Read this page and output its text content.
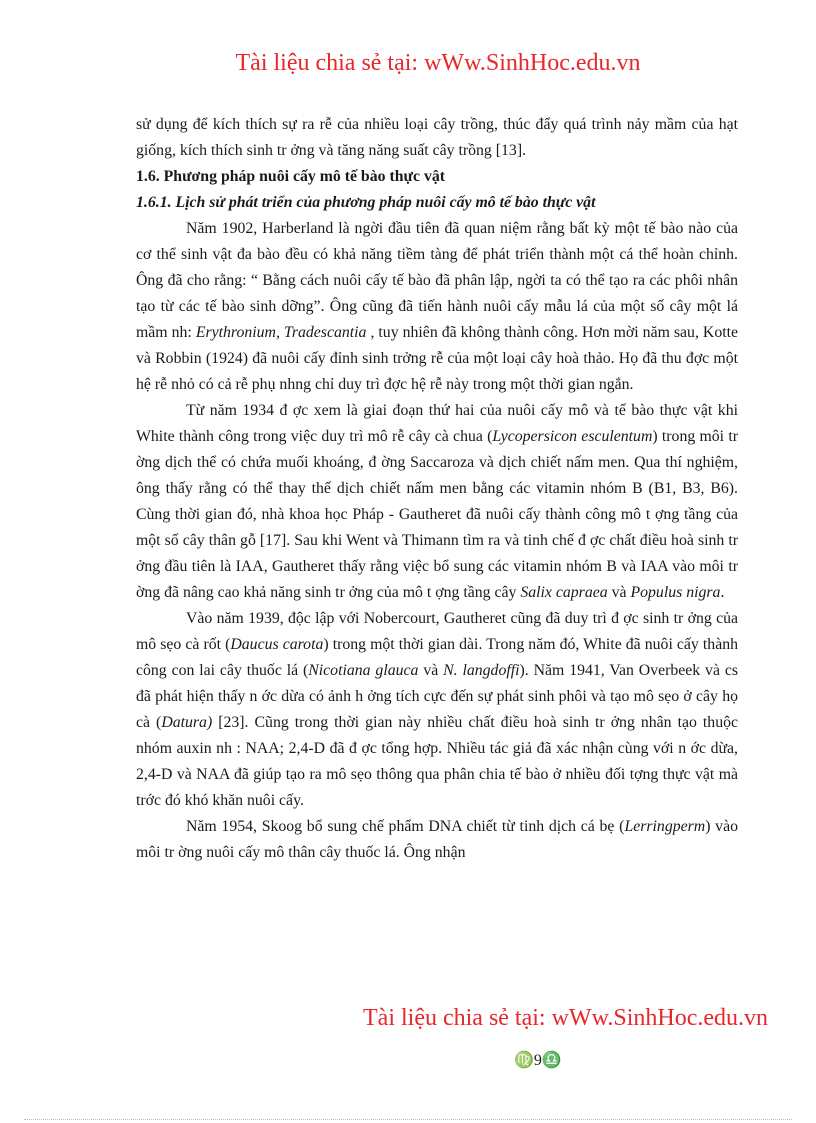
Tài liệu chia sẻ tại: wWw.SinhHoc.edu.vn

sử dụng để kích thích sự ra rễ của nhiều loại cây trồng, thúc đẩy quá trình nảy mầm của hạt giống, kích thích sinh tr ởng và tăng năng suất cây trồng [13].

1.6. Phương pháp nuôi cấy mô tế bào thực vật

1.6.1. Lịch sử phát triển của phương pháp nuôi cấy mô tế bào thực vật

Năm 1902, Harberland là ngời đầu tiên đã quan niệm rằng bất kỳ một tế bào nào của cơ thể sinh vật đa bào đều có khả năng tiềm tàng để phát triển thành một cá thể hoàn chỉnh. Ông đã cho rằng: “ Bằng cách nuôi cấy tế bào đã phân lập, ngời ta có thể tạo ra các phôi nhân tạo từ các tế bào sinh dỡng”. Ông cũng đã tiến hành nuôi cấy mẫu lá của một số cây một lá mầm nh: Erythronium, Tradescantia , tuy nhiên đã không thành công. Hơn mời năm sau, Kotte và Robbin (1924) đã nuôi cấy đỉnh sinh trởng rễ của một loại cây hoà thảo. Họ đã thu đợc một hệ rễ nhỏ có cả rễ phụ nhng chỉ duy trì đợc hệ rễ này trong một thời gian ngắn.

Từ năm 1934 đ ợc xem là giai đoạn thứ hai của nuôi cấy mô và tế bào thực vật khi White thành công trong việc duy trì mô rễ cây cà chua (Lycopersicon esculentum) trong môi tr ờng dịch thể có chứa muối khoáng, đ ờng Saccaroza và dịch chiết nấm men. Qua thí nghiệm, ông thấy rằng có thể thay thế dịch chiết nấm men bằng các vitamin nhóm B (B1, B3, B6). Cùng thời gian đó, nhà khoa học Pháp - Gautheret đã nuôi cấy thành công mô t ợng tầng của một số cây thân gỗ [17]. Sau khi Went và Thimann tìm ra và tinh chế đ ợc chất điều hoà sinh tr ởng đầu tiên là IAA, Gautheret thấy rằng việc bổ sung các vitamin nhóm B và IAA vào môi tr ờng đã nâng cao khả năng sinh tr ởng của mô t ợng tầng cây Salix capraea và Populus nigra.

Vào năm 1939, độc lập với Nobercourt, Gautheret cũng đã duy trì đ ợc sinh tr ởng của mô sẹo cà rốt (Daucus carota) trong một thời gian dài. Trong năm đó, White đã nuôi cấy thành công con lai cây thuốc lá (Nicotiana glauca và N. langdoffi). Năm 1941, Van Overbeek và cs đã phát hiện thấy n ớc dừa có ảnh h ởng tích cực đến sự phát sinh phôi và tạo mô sẹo ở cây họ cà (Datura) [23]. Cũng trong thời gian này nhiều chất điều hoà sinh tr ởng nhân tạo thuộc nhóm auxin nh : NAA; 2,4-D đã đ ợc tổng hợp. Nhiều tác giả đã xác nhận cùng với n ớc dừa, 2,4-D và NAA đã giúp tạo ra mô sẹo thông qua phân chia tế bào ở nhiều đối tợng thực vật mà trớc đó khó khăn nuôi cấy.

Năm 1954, Skoog bổ sung chế phẩm DNA chiết từ tinh dịch cá bẹ (Lerringperm) vào môi tr ờng nuôi cấy mô thân cây thuốc lá. Ông nhận

Tài liệu chia sẻ tại: wWw.SinhHoc.edu.vn
♍9♎
